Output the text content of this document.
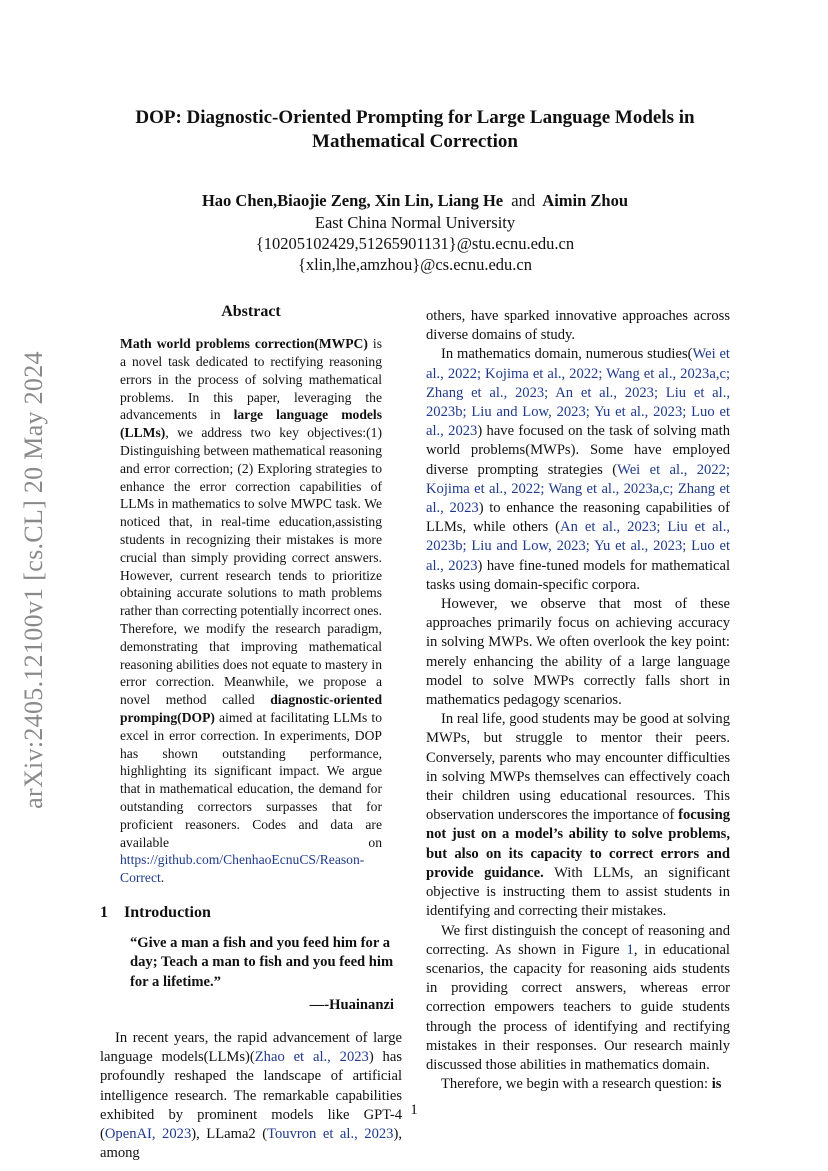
arXiv:2405.12100v1 [cs.CL] 20 May 2024
DOP: Diagnostic-Oriented Prompting for Large Language Models in
Mathematical Correction
Hao Chen,Biaojie Zeng, Xin Lin, Liang He and Aimin Zhou
East China Normal University
{10205102429,51265901131}@stu.ecnu.edu.cn
{xlin,lhe,amzhou}@cs.ecnu.edu.cn
Abstract

Math world problems correction(MWPC) is a novel task dedicated to rectifying reasoning errors in the process of solving mathematical problems. In this paper, leveraging the advancements in large language models (LLMs), we address two key objectives:(1) Distinguishing between mathematical reasoning and error correction; (2) Exploring strategies to enhance the error correction capabilities of LLMs in mathematics to solve MWPC task. We noticed that, in real-time education,assisting students in recognizing their mistakes is more crucial than simply providing correct answers. However, current research tends to prioritize obtaining accurate solutions to math problems rather than correcting potentially incorrect ones. Therefore, we modify the research paradigm, demonstrating that improving mathematical reasoning abilities does not equate to mastery in error correction. Meanwhile, we propose a novel method called diagnostic-oriented promping(DOP) aimed at facilitating LLMs to excel in error correction. In experiments, DOP has shown outstanding performance, highlighting its significant impact. We argue that in mathematical education, the demand for outstanding correctors surpasses that for proficient reasoners. Codes and data are available on https://github.com/ChenhaoEcnuCS/Reason-Correct.

1 Introduction
“Give a man a fish and you feed him for a day; Teach a man to fish and you feed him for a lifetime.”
—-Huainanzi

In recent years, the rapid advancement of large language models(LLMs)(Zhao et al., 2023) has profoundly reshaped the landscape of artificial intelligence research. The remarkable capabilities exhibited by prominent models like GPT-4 (OpenAI, 2023), LLama2 (Touvron et al., 2023), among

others, have sparked innovative approaches across diverse domains of study.

In mathematics domain, numerous studies(Wei et al., 2022; Kojima et al., 2022; Wang et al., 2023a,c; Zhang et al., 2023; An et al., 2023; Liu et al., 2023b; Liu and Low, 2023; Yu et al., 2023; Luo et al., 2023) have focused on the task of solving math world problems(MWPs). Some have employed diverse prompting strategies (Wei et al., 2022; Kojima et al., 2022; Wang et al., 2023a,c; Zhang et al., 2023) to enhance the reasoning capabilities of LLMs, while others (An et al., 2023; Liu et al., 2023b; Liu and Low, 2023; Yu et al., 2023; Luo et al., 2023) have fine-tuned models for mathematical tasks using domain-specific corpora.

However, we observe that most of these approaches primarily focus on achieving accuracy in solving MWPs. We often overlook the key point: merely enhancing the ability of a large language model to solve MWPs correctly falls short in mathematics pedagogy scenarios.

In real life, good students may be good at solving MWPs, but struggle to mentor their peers. Conversely, parents who may encounter difficulties in solving MWPs themselves can effectively coach their children using educational resources. This observation underscores the importance of focusing not just on a model’s ability to solve problems, but also on its capacity to correct errors and provide guidance. With LLMs, an significant objective is instructing them to assist students in identifying and correcting their mistakes.

We first distinguish the concept of reasoning and correcting. As shown in Figure 1, in educational scenarios, the capacity for reasoning aids students in providing correct answers, whereas error correction empowers teachers to guide students through the process of identifying and rectifying mistakes in their responses. Our research mainly discussed those abilities in mathematics domain.

Therefore, we begin with a research question: is

1
